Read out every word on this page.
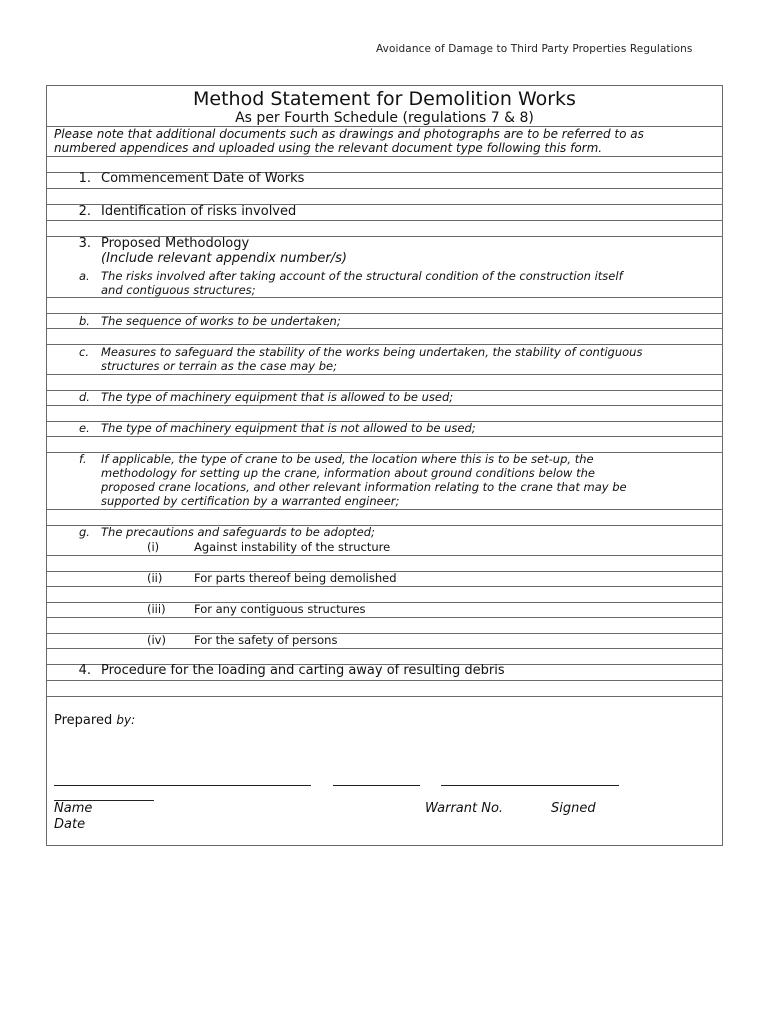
Avoidance of Damage to Third Party Properties Regulations
Method Statement for Demolition Works
As per Fourth Schedule (regulations 7 & 8)
Please note that additional documents such as drawings and photographs are to be referred to as
numbered appendices and uploaded using the relevant document type following this form.
1. Commencement Date of Works
2. Identification of risks involved
3. Proposed Methodology
(Include relevant appendix number/s)
a. The risks involved after taking account of the structural condition of the construction itself
and contiguous structures;
b. The sequence of works to be undertaken;
c. Measures to safeguard the stability of the works being undertaken, the stability of contiguous
structures or terrain as the case may be;
d. The type of machinery equipment that is allowed to be used;
e. The type of machinery equipment that is not allowed to be used;
f. If applicable, the type of crane to be used, the location where this is to be set-up, the
methodology for setting up the crane, information about ground conditions below the
proposed crane locations, and other relevant information relating to the crane that may be
supported by certification by a warranted engineer;
g. The precautions and safeguards to be adopted;
(i)	Against instability of the structure
(ii)	For parts thereof being demolished
(iii) For any contiguous structures
(iv) For the safety of persons
4. Procedure for the loading and carting away of resulting debris
Prepared by:
Name	Warrant No.	Signed
Date
